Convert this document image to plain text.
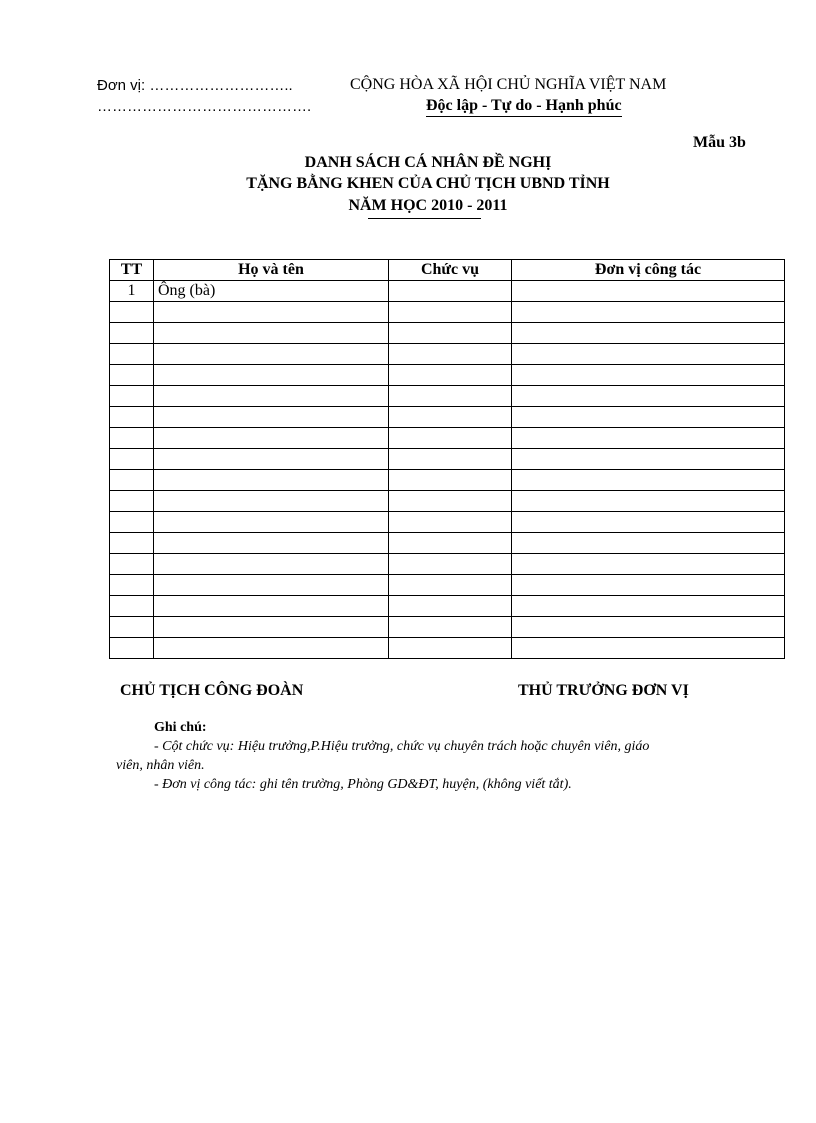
Đơn vị: ………………………..
…………………………………….
CỘNG HÒA XÃ HỘI CHỦ NGHĨA VIỆT NAM
Độc lập - Tự do - Hạnh phúc
Mẫu 3b
DANH SÁCH CÁ NHÂN ĐỀ NGHỊ
TẶNG BẰNG KHEN CỦA CHỦ TỊCH UBND TỈNH
NĂM HỌC 2010 - 2011
TT	Họ và tên	Chức vụ	Đơn vị công tác
1	Ông (bà)		

CHỦ TỊCH CÔNG ĐOÀN	THỦ TRƯỞNG ĐƠN VỊ
Ghi chú:
- Cột chức vụ: Hiệu trưởng,P.Hiệu trưởng, chức vụ chuyên trách hoặc chuyên viên, giáo
viên, nhân viên.
- Đơn vị công tác: ghi tên trường, Phòng GD&ĐT, huyện, (không viết tắt).
